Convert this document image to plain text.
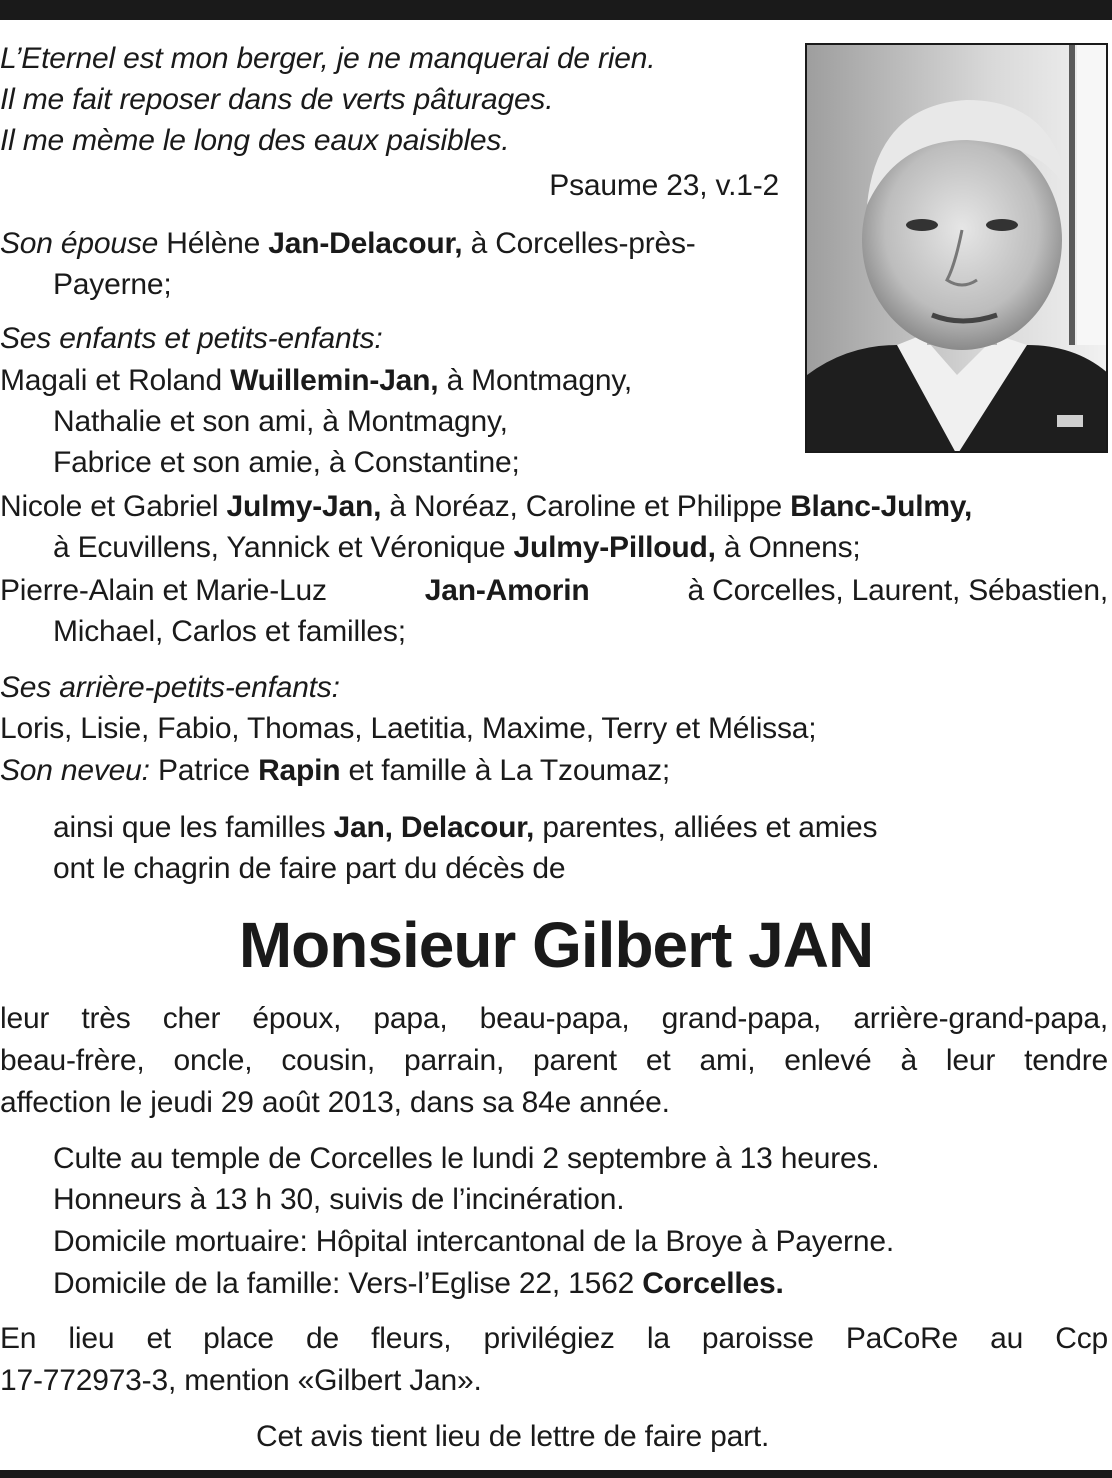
L’Eternel est mon berger, je ne manquerai de rien.
Il me fait reposer dans de verts pâturages.
Il me mème le long des eaux paisibles.
Psaume 23, v.1-2
Son épouse Hélène Jan-Delacour, à Corcelles-près-
Payerne;
Ses enfants et petits-enfants:
Magali et Roland Wuillemin-Jan, à Montmagny,
Nathalie et son ami, à Montmagny,
Fabrice et son amie, à Constantine;
Nicole et Gabriel Julmy-Jan, à Noréaz, Caroline et Philippe Blanc-Julmy,
à Ecuvillens, Yannick et Véronique Julmy-Pilloud, à Onnens;
Pierre-Alain et Marie-Luz	Jan-Amorin	à Corcelles, Laurent, Sébastien,
Michael, Carlos et familles;
Ses arrière-petits-enfants:
Loris, Lisie, Fabio, Thomas, Laetitia, Maxime, Terry et Mélissa;
Son neveu: Patrice Rapin et famille à La Tzoumaz;
ainsi que les familles Jan, Delacour, parentes, alliées et amies
ont le chagrin de faire part du décès de
Monsieur Gilbert JAN
leur très cher époux, papa, beau-papa, grand-papa, arrière-grand-papa,
beau-frère, oncle, cousin, parrain, parent et ami, enlevé à leur tendre
affection le jeudi 29 août 2013, dans sa 84e année.
Culte au temple de Corcelles le lundi 2 septembre à 13 heures.
Honneurs à 13 h 30, suivis de l’incinération.
Domicile mortuaire: Hôpital intercantonal de la Broye à Payerne.
Domicile de la famille: Vers-l’Eglise 22, 1562 Corcelles.
En lieu et place de fleurs, privilégiez la paroisse PaCoRe au Ccp
17-772973-3, mention «Gilbert Jan».
Cet avis tient lieu de lettre de faire part.
